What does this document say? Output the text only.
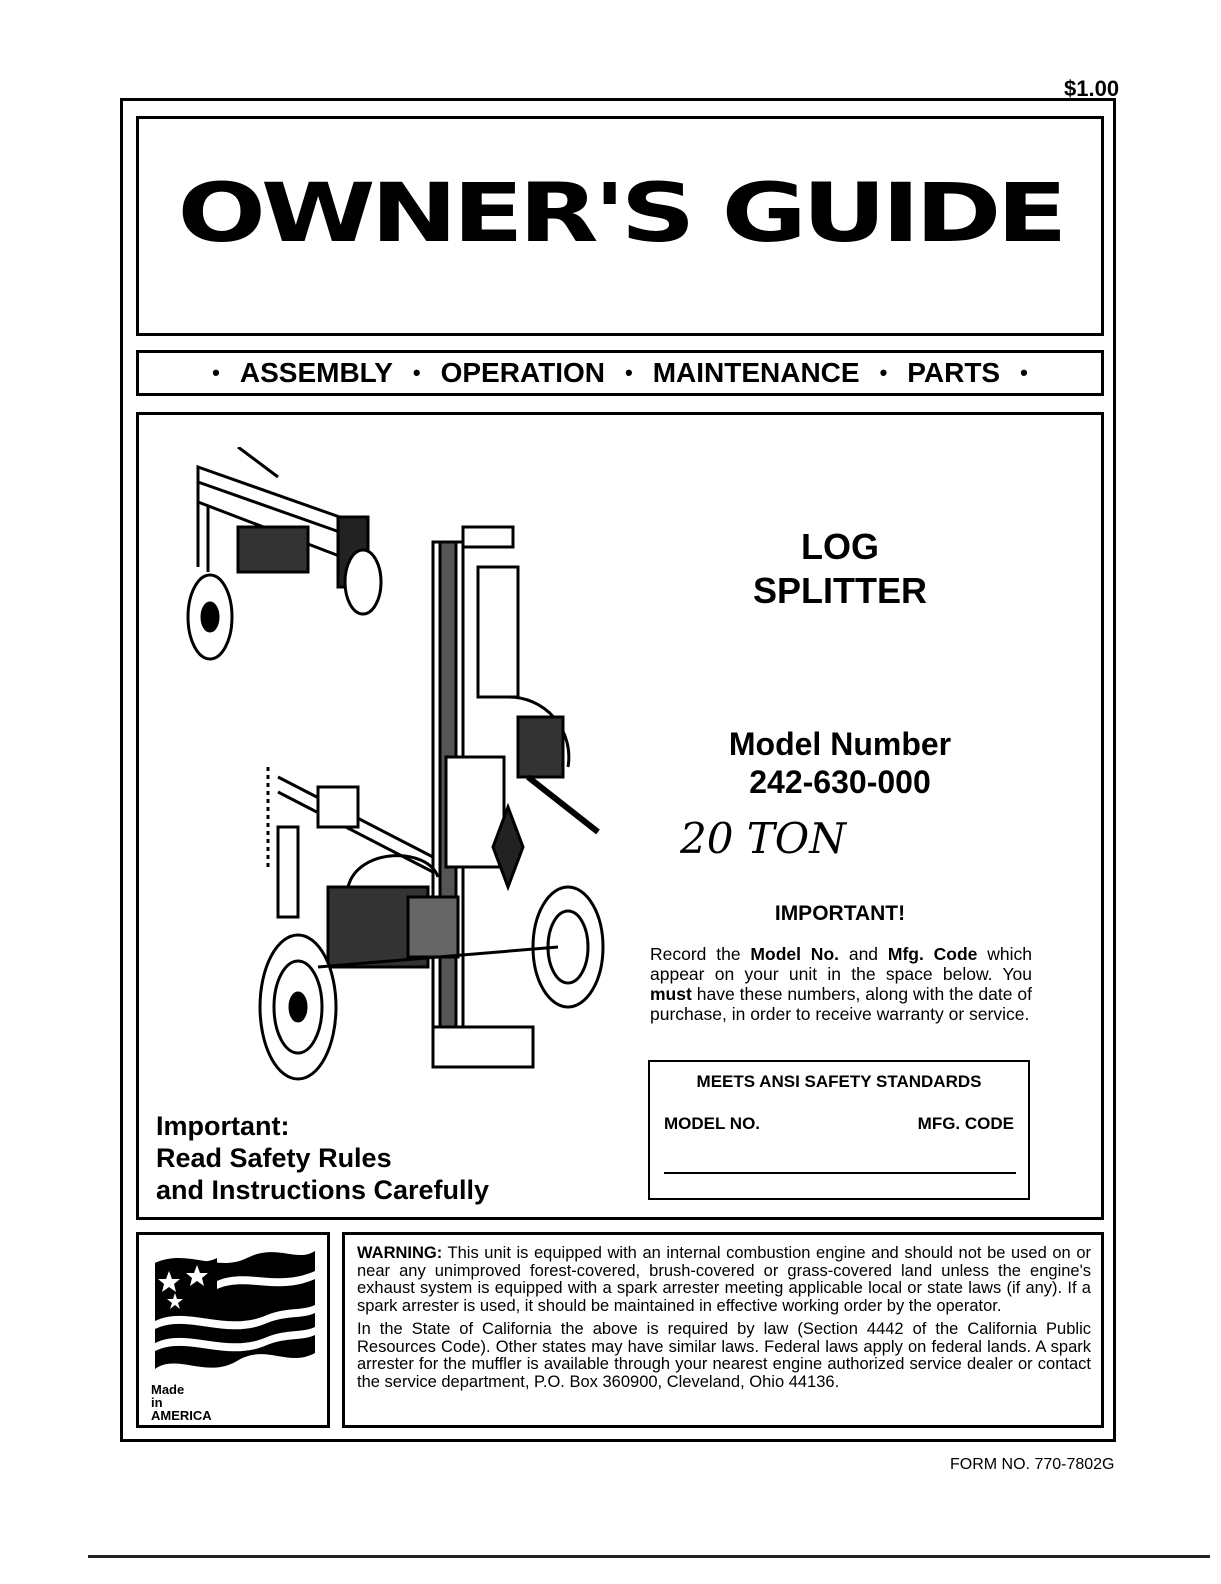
$1.00
OWNER'S GUIDE
• ASSEMBLY • OPERATION • MAINTENANCE • PARTS •
Important:
Read Safety Rules
and Instructions Carefully
LOG
SPLITTER
Model Number
242-630-000
20 TON
IMPORTANT!
Record the Model No. and Mfg. Code which appear on your unit in the space below. You must have these numbers, along with the date of purchase, in order to receive warranty or service.
MEETS ANSI SAFETY STANDARDS
MODEL NO.	MFG. CODE
Made
in
AMERICA

WARNING: This unit is equipped with an internal combustion engine and should not be used on or near any unimproved forest-covered, brush-covered or grass-covered land unless the engine's exhaust system is equipped with a spark arrester meeting applicable local or state laws (if any). If a spark arrester is used, it should be maintained in effective working order by the operator.

In the State of California the above is required by law (Section 4442 of the California Public Resources Code). Other states may have similar laws. Federal laws apply on federal lands. A spark arrester for the muffler is available through your nearest engine authorized service dealer or contact the service department, P.O. Box 360900, Cleveland, Ohio 44136.

FORM NO. 770-7802G
